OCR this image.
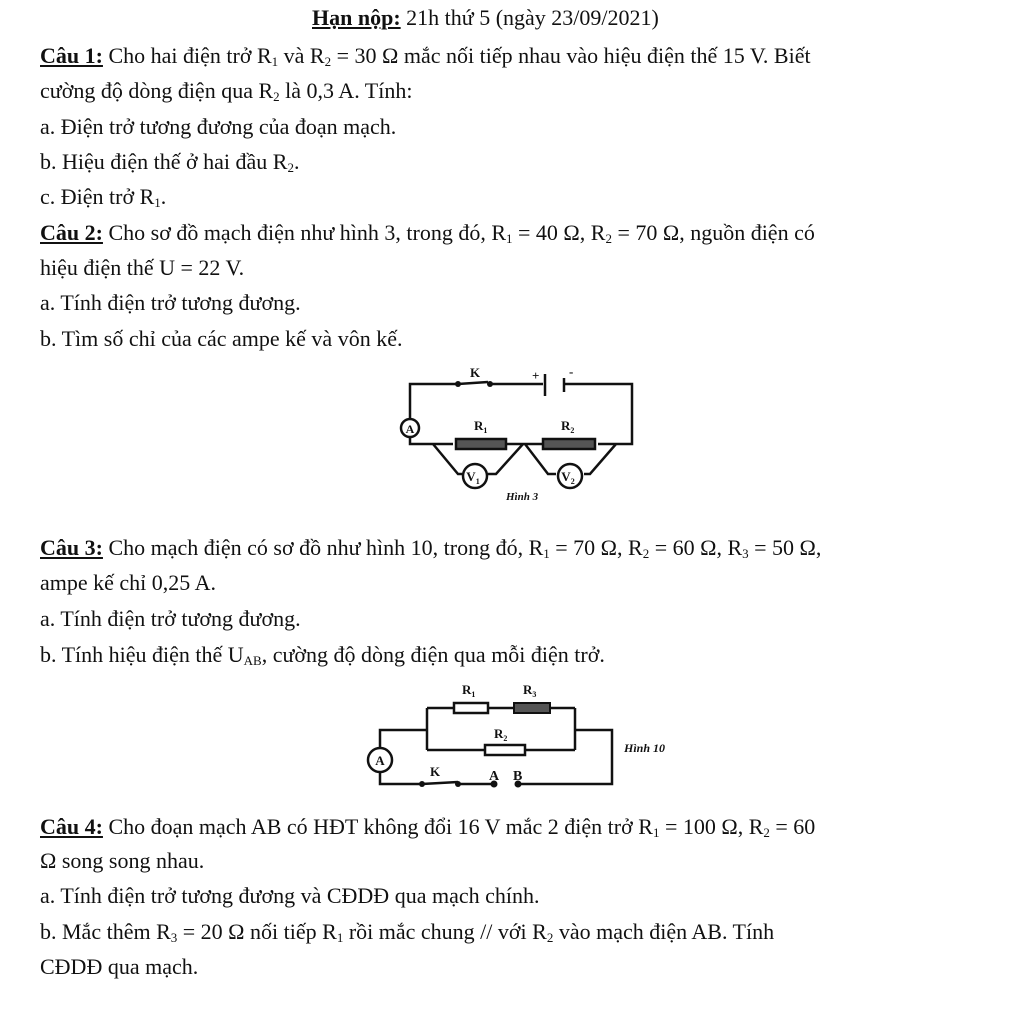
Hạn nộp: 21h thứ 5 (ngày 23/09/2021)
Câu 1: Cho hai điện trở $R_1$ và $R_2 = 30$ Ω mắc nối tiếp nhau vào hiệu điện thế 15 V. Biết
cường độ dòng điện qua $R_2$ là 0,3 A. Tính:
a. Điện trở tương đương của đoạn mạch.
b. Hiệu điện thế ở hai đầu $R_2$.
c. Điện trở $R_1$.
Câu 2: Cho sơ đồ mạch điện như hình 3, trong đó, $R_1 = 40$ Ω, $R_2 = 70$ Ω, nguồn điện có
hiệu điện thế U = 22 V.
a. Tính điện trở tương đương.
b. Tìm số chỉ của các ampe kế và vôn kế.
A
$V_1$	$V_2$
K	+ -
$R_1$	$R_2$
Hình 3
Câu 3: Cho mạch điện có sơ đồ như hình 10, trong đó, $R_1 = 70$ Ω, $R_2 = 60$ Ω, $R_3 = 50$ Ω,
ampe kế chỉ 0,25 A.
a. Tính điện trở tương đương.
b. Tính hiệu điện thế $U_{AB}$, cường độ dòng điện qua mỗi điện trở.
A
$R_1$	$R_3$
$R_2$
K	A B
Hình 10
Câu 4: Cho đoạn mạch AB có HĐT không đổi 16 V mắc 2 điện trở $R_1 = 100$ Ω, $R_2 = 60$
Ω song song nhau.
a. Tính điện trở tương đương và CĐDĐ qua mạch chính.
b. Mắc thêm $R_3 = 20$ Ω nối tiếp $R_1$ rồi mắc chung // với $R_2$ vào mạch điện AB. Tính
CĐDĐ qua mạch.
